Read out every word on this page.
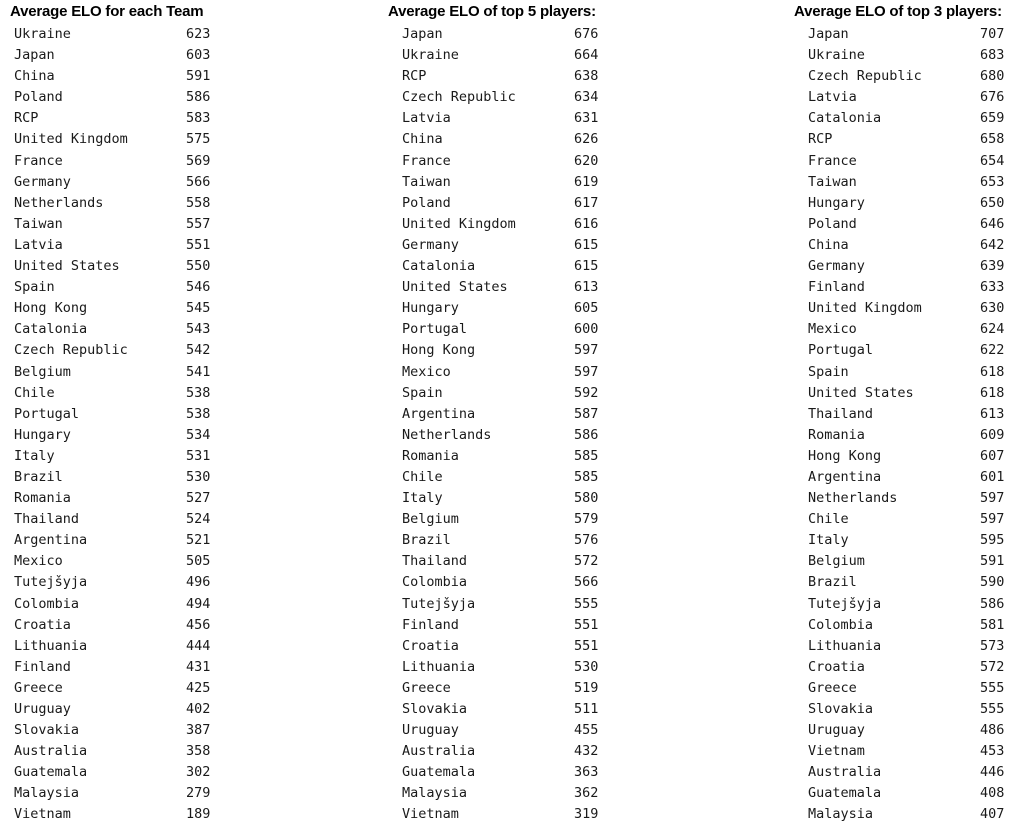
Average ELO for each Team
Ukraine	623
Japan	603
China	591
Poland	586
RCP	583
United Kingdom	575
France	569
Germany	566
Netherlands	558
Taiwan	557
Latvia	551
United States	550
Spain	546
Hong Kong	545
Catalonia	543
Czech Republic	542
Belgium	541
Chile	538
Portugal	538
Hungary	534
Italy	531
Brazil	530
Romania	527
Thailand	524
Argentina	521
Mexico	505
Tutejšyja	496
Colombia	494
Croatia	456
Lithuania	444
Finland	431
Greece	425
Uruguay	402
Slovakia	387
Australia	358
Guatemala	302
Malaysia	279
Vietnam	189
Average ELO of top 5 players:
Japan	676
Ukraine	664
RCP	638
Czech Republic	634
Latvia	631
China	626
France	620
Taiwan	619
Poland	617
United Kingdom	616
Germany	615
Catalonia	615
United States	613
Hungary	605
Portugal	600
Hong Kong	597
Mexico	597
Spain	592
Argentina	587
Netherlands	586
Romania	585
Chile	585
Italy	580
Belgium	579
Brazil	576
Thailand	572
Colombia	566
Tutejšyja	555
Finland	551
Croatia	551
Lithuania	530
Greece	519
Slovakia	511
Uruguay	455
Australia	432
Guatemala	363
Malaysia	362
Vietnam	319
Average ELO of top 3 players:
Japan	707
Ukraine	683
Czech Republic	680
Latvia	676
Catalonia	659
RCP	658
France	654
Taiwan	653
Hungary	650
Poland	646
China	642
Germany	639
Finland	633
United Kingdom	630
Mexico	624
Portugal	622
Spain	618
United States	618
Thailand	613
Romania	609
Hong Kong	607
Argentina	601
Netherlands	597
Chile	597
Italy	595
Belgium	591
Brazil	590
Tutejšyja	586
Colombia	581
Lithuania	573
Croatia	572
Greece	555
Slovakia	555
Uruguay	486
Vietnam	453
Australia	446
Guatemala	408
Malaysia	407
